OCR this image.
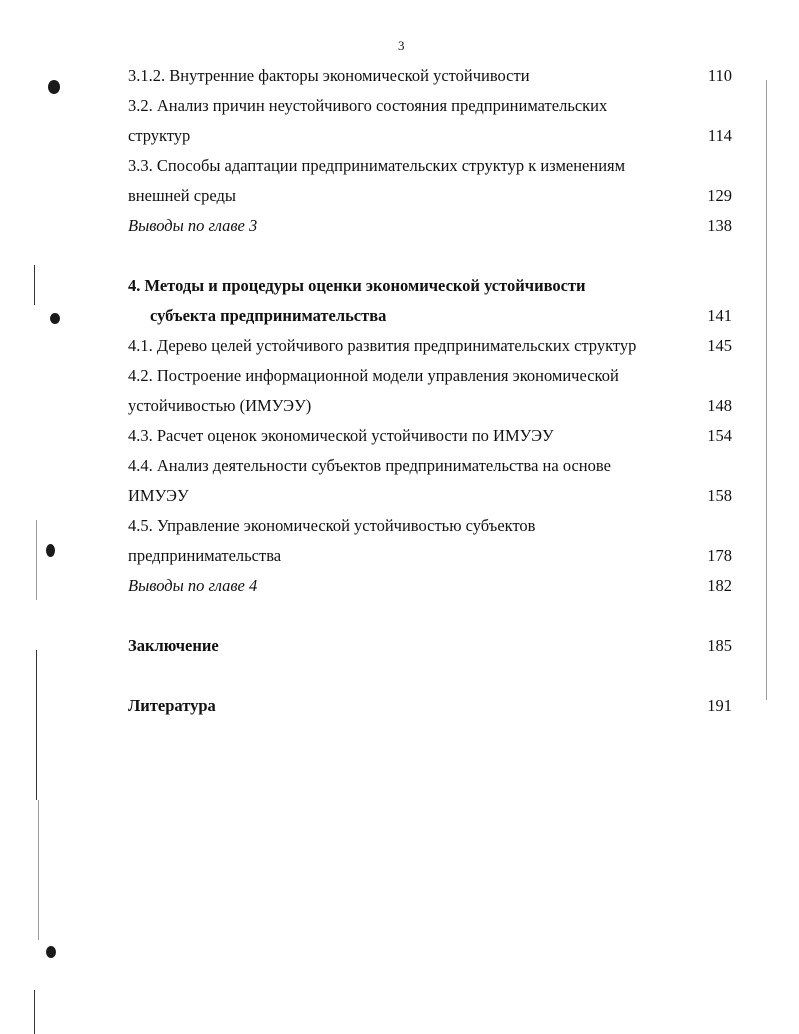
3
3.1.2. Внутренние факторы экономической устойчивости	110
3.2. Анализ причин неустойчивого состояния предпринимательских
структур	114
3.3. Способы адаптации предпринимательских структур к изменениям
внешней среды	129
Выводы по главе 3	138
4. Методы и процедуры оценки экономической устойчивости
субъекта предпринимательства	141
4.1. Дерево целей устойчивого развития предпринимательских структур	145
4.2. Построение информационной модели управления экономической
устойчивостью (ИМУЭУ)	148
4.3. Расчет оценок экономической устойчивости по ИМУЭУ	154
4.4. Анализ деятельности субъектов предпринимательства на основе
ИМУЭУ	158
4.5. Управление экономической устойчивостью субъектов
предпринимательства	178
Выводы по главе 4	182
Заключение	185
Литература	191
